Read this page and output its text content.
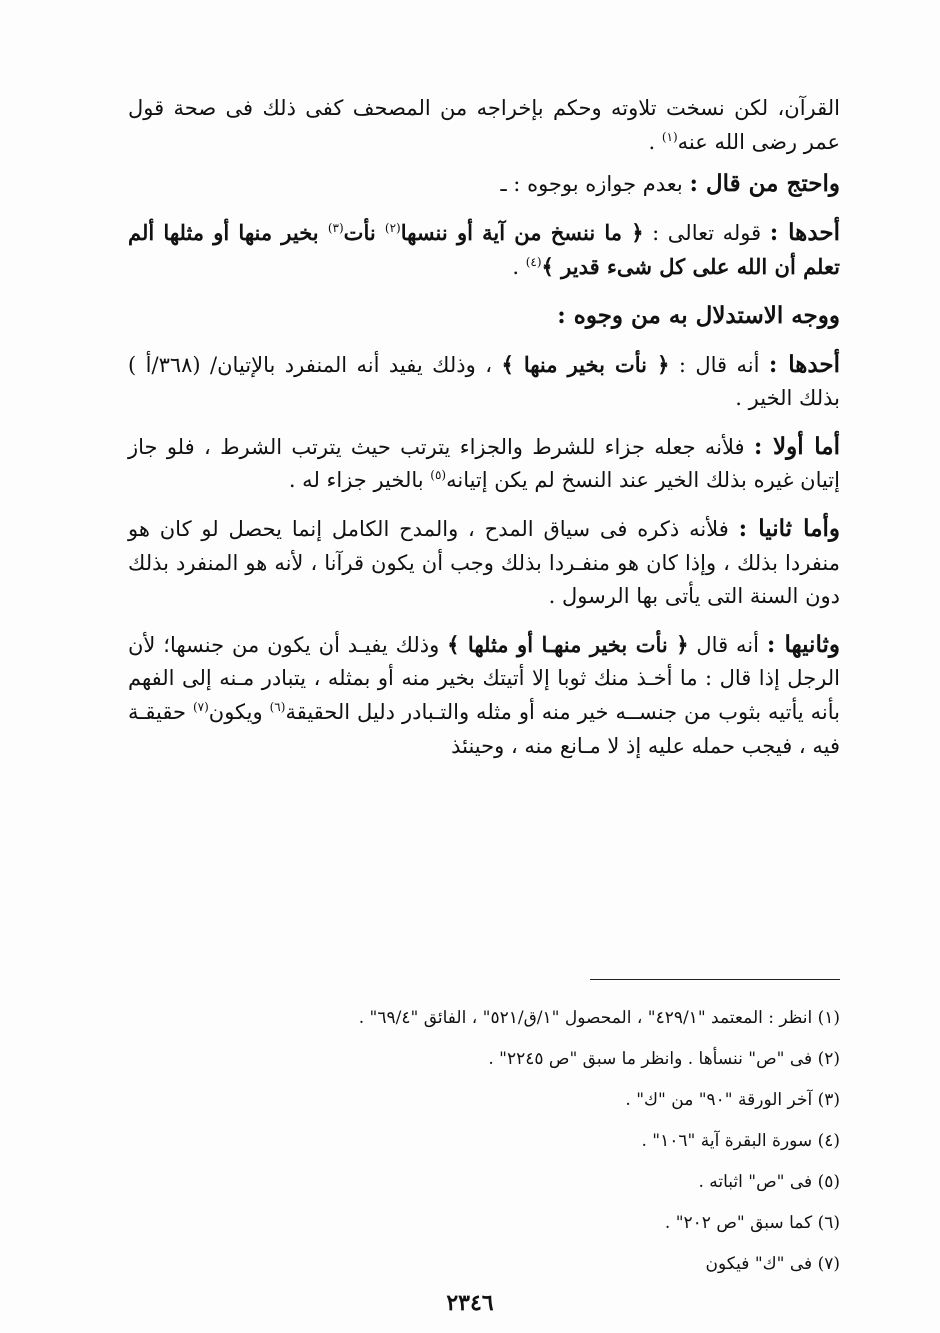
القرآن، لكن نسخت تلاوته وحكم بإخراجه من المصحف كفى ذلك فى صحة قول عمر رضى الله عنه$^{(١)}$ .

واحتج من قال : بعدم جوازه بوجوه : ـ

أحدها : قوله تعالى : ﴿ ما ننسخ من آية أو ننسها$^{(٢)}$ نأت$^{(٣)}$ بخير منها أو مثلها ألم تعلم أن الله على كل شىء قدير ﴾$^{(٤)}$ .

ووجه الاستدلال به من وجوه :

أحدها : أنه قال : ﴿ نأت بخير منها ﴾ ، وذلك يفيد أنه المنفرد بالإتيان/ (٣٦٨/أ ) بذلك الخير .

أما أولا : فلأنه جعله جزاء للشرط والجزاء يترتب حيث يترتب الشرط ، فلو جاز إتيان غيره بذلك الخير عند النسخ لم يكن إتيانه$^{(٥)}$ بالخير جزاء له .

وأما ثانيا : فلأنه ذكره فى سياق المدح ، والمدح الكامل إنما يحصل لو كان هو منفردا بذلك ، وإذا كان هو منفـردا بذلك وجب أن يكون قرآنا ، لأنه هو المنفرد بذلك دون السنة التى يأتى بها الرسول .

وثانيها : أنه قال ﴿ نأت بخير منهـا أو مثلها ﴾ وذلك يفيـد أن يكون من جنسها؛ لأن الرجل إذا قال : ما أخـذ منك ثوبا إلا أتيتك بخير منه أو بمثله ، يتبادر مـنه إلى الفهم بأنه يأتيه بثوب من جنســه خير منه أو مثله والتـبادر دليل الحقيقة$^{(٦)}$ ويكون$^{(٧)}$ حقيقـة فيه ، فيجب حمله عليه إذ لا مـانع منه ، وحينئذ

(١) انظر : المعتمد "٤٢٩/١" ، المحصول "١/ق/٥٢١" ، الفائق "٦٩/٤" .
(٢) فى "ص" ننسأها . وانظر ما سبق "ص ٢٢٤٥" .
(٣) آخر الورقة "٩٠" من "ك" .
(٤) سورة البقرة آية "١٠٦" .
(٥) فى "ص" اثباته .
(٦) كما سبق "ص ٢٠٢" .
(٧) فى "ك" فيكون
٢٣٤٦
